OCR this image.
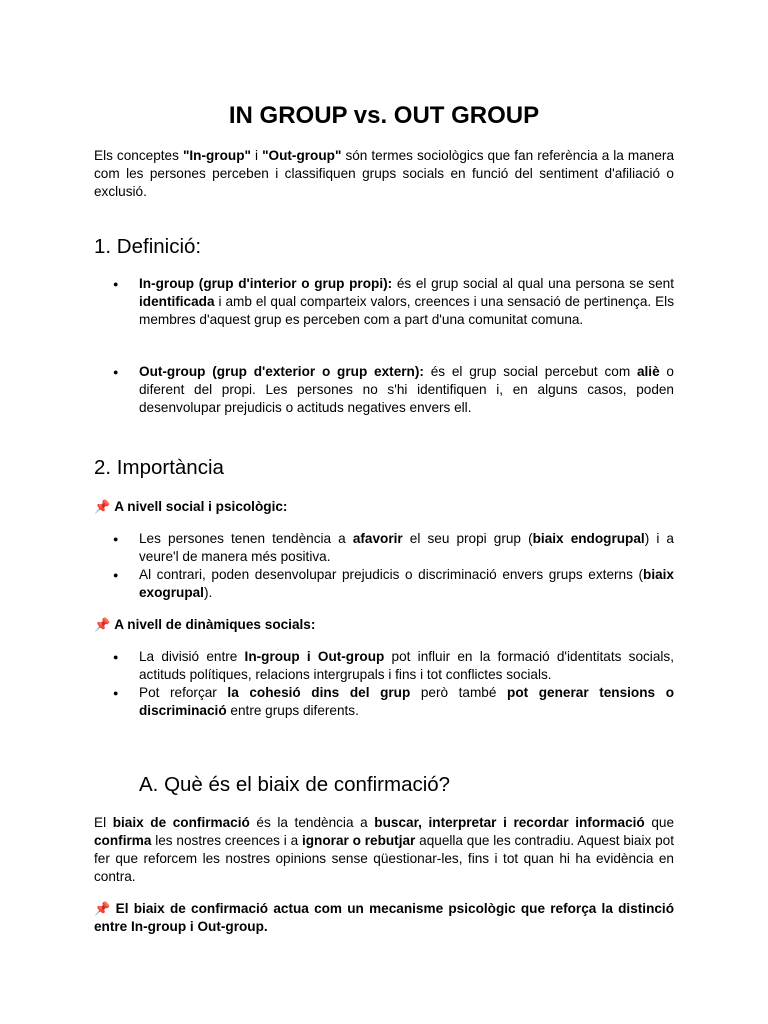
IN GROUP vs. OUT GROUP

Els conceptes "In-group" i "Out-group" són termes sociològics que fan referència a la manera com les persones perceben i classifiquen grups socials en funció del sentiment d'afiliació o exclusió.

1. Definició:
● In-group (grup d'interior o grup propi): és el grup social al qual una persona se sent identificada i amb el qual comparteix valors, creences i una sensació de pertinença. Els membres d'aquest grup es perceben com a part d'una comunitat comuna.
● Out-group (grup d'exterior o grup extern): és el grup social percebut com aliè o diferent del propi. Les persones no s'hi identifiquen i, en alguns casos, poden desenvolupar prejudicis o actituds negatives envers ell.
2. Importància
📌 A nivell social i psicològic:
● Les persones tenen tendència a afavorir el seu propi grup (biaix endogrupal) i a veure'l de manera més positiva.
● Al contrari, poden desenvolupar prejudicis o discriminació envers grups externs (biaix exogrupal).
📌 A nivell de dinàmiques socials:
● La divisió entre In-group i Out-group pot influir en la formació d'identitats socials, actituds polítiques, relacions intergrupals i fins i tot conflictes socials.
● Pot reforçar la cohesió dins del grup però també pot generar tensions o discriminació entre grups diferents.
A. Què és el biaix de confirmació?

El biaix de confirmació és la tendència a buscar, interpretar i recordar informació que confirma les nostres creences i a ignorar o rebutjar aquella que les contradiu. Aquest biaix pot fer que reforcem les nostres opinions sense qüestionar-les, fins i tot quan hi ha evidència en contra.

📌 El biaix de confirmació actua com un mecanisme psicològic que reforça la distinció entre In-group i Out-group.
